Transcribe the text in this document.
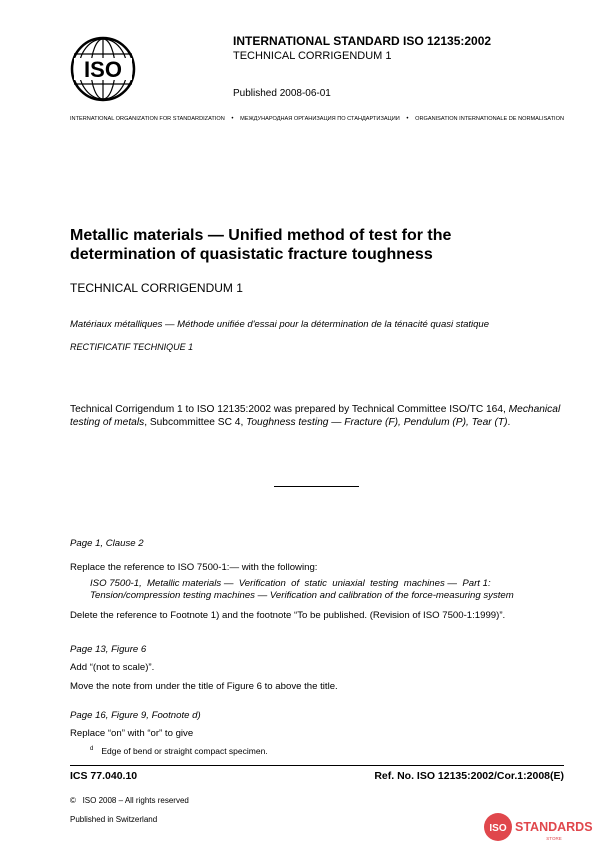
ISO
INTERNATIONAL STANDARD ISO 12135:2002
TECHNICAL CORRIGENDUM 1
Published 2008-06-01
INTERNATIONAL ORGANIZATION FOR STANDARDIZATION • МЕЖДУНАРОДНАЯ ОРГАНИЗАЦИЯ ПО СТАНДАРТИЗАЦИИ • ORGANISATION INTERNATIONALE DE NORMALISATION
Metallic materials — Unified method of test for the
determination of quasistatic fracture toughness
TECHNICAL CORRIGENDUM 1
Matériaux métalliques — Méthode unifiée d'essai pour la détermination de la ténacité quasi statique
RECTIFICATIF TECHNIQUE 1
Technical Corrigendum 1 to ISO 12135:2002 was prepared by Technical Committee ISO/TC 164, Mechanical testing of metals, Subcommittee SC 4, Toughness testing — Fracture (F), Pendulum (P), Tear (T).
Page 1, Clause 2
Replace the reference to ISO 7500-1:— with the following:
ISO 7500-1,  Metallic materials —  Verification  of  static  uniaxial  testing  machines —  Part 1:
Tension/compression testing machines — Verification and calibration of the force-measuring system
Delete the reference to Footnote 1) and the footnote “To be published. (Revision of ISO 7500-1:1999)”.
Page 13, Figure 6
Add “(not to scale)”.
Move the note from under the title of Figure 6 to above the title.
Page 16, Figure 9, Footnote d)
Replace “on” with “or” to give
$^d$ Edge of bend or straight compact specimen.
ICS 77.040.10	Ref. No. ISO 12135:2002/Cor.1:2008(E)
©   ISO 2008 – All rights reserved
Published in Switzerland
ISO STANDARDS
STORE
